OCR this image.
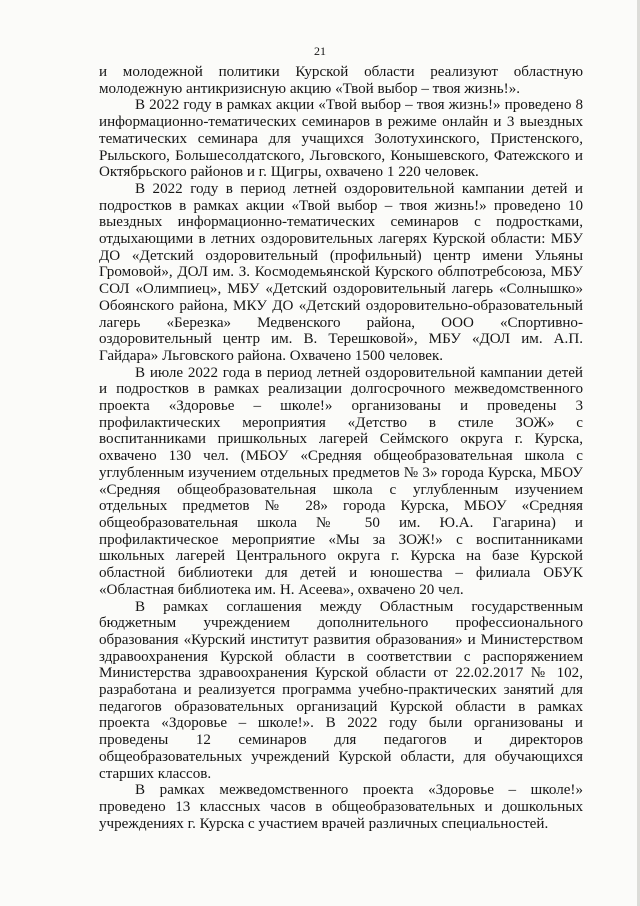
21

и молодежной политики Курской области реализуют областную молодежную антикризисную акцию «Твой выбор – твоя жизнь!».

В 2022 году в рамках акции «Твой выбор – твоя жизнь!» проведено 8 информационно-тематических семинаров в режиме онлайн и 3 выездных тематических семинара для учащихся Золотухинского, Пристенского, Рыльского, Большесолдатского, Льговского, Конышевского, Фатежского и Октябрьского районов и г. Щигры, охвачено 1 220 человек.

В 2022 году в период летней оздоровительной кампании детей и подростков в рамках акции «Твой выбор – твоя жизнь!» проведено 10 выездных информационно-тематических семинаров с подростками, отдыхающими в летних оздоровительных лагерях Курской области: МБУ ДО «Детский оздоровительный (профильный) центр имени Ульяны Громовой», ДОЛ им. З. Космодемьянской Курского облпотребсоюза, МБУ СОЛ «Олимпиец», МБУ «Детский оздоровительный лагерь «Солнышко» Обоянского района, МКУ ДО «Детский оздоровительно-образовательный лагерь «Березка» Медвенского района, ООО «Спортивно-оздоровительный центр им. В. Терешковой», МБУ «ДОЛ им. А.П. Гайдара» Льговского района. Охвачено 1500 человек.

В июле 2022 года в период летней оздоровительной кампании детей и подростков в рамках реализации долгосрочного межведомственного проекта «Здоровье – школе!» организованы и проведены 3 профилактических мероприятия «Детство в стиле ЗОЖ» с воспитанниками пришкольных лагерей Сеймского округа г. Курска, охвачено 130 чел. (МБОУ «Средняя общеобразовательная школа с углубленным изучением отдельных предметов № 3» города Курска, МБОУ «Средняя общеобразовательная школа с углубленным изучением отдельных предметов № 28» города Курска, МБОУ «Средняя общеобразовательная школа № 50 им. Ю.А. Гагарина) и профилактическое мероприятие «Мы за ЗОЖ!» с воспитанниками школьных лагерей Центрального округа г. Курска на базе Курской областной библиотеки для детей и юношества – филиала ОБУК «Областная библиотека им. Н. Асеева», охвачено 20 чел.

В рамках соглашения между Областным государственным бюджетным учреждением дополнительного профессионального образования «Курский институт развития образования» и Министерством здравоохранения Курской области в соответствии с распоряжением Министерства здравоохранения Курской области от 22.02.2017 № 102, разработана и реализуется программа учебно-практических занятий для педагогов образовательных организаций Курской области в рамках проекта «Здоровье – школе!». В 2022 году были организованы и проведены 12 семинаров для педагогов и директоров общеобразовательных учреждений Курской области, для обучающихся старших классов.

В рамках межведомственного проекта «Здоровье – школе!» проведено 13 классных часов в общеобразовательных и дошкольных учреждениях г. Курска с участием врачей различных специальностей.
